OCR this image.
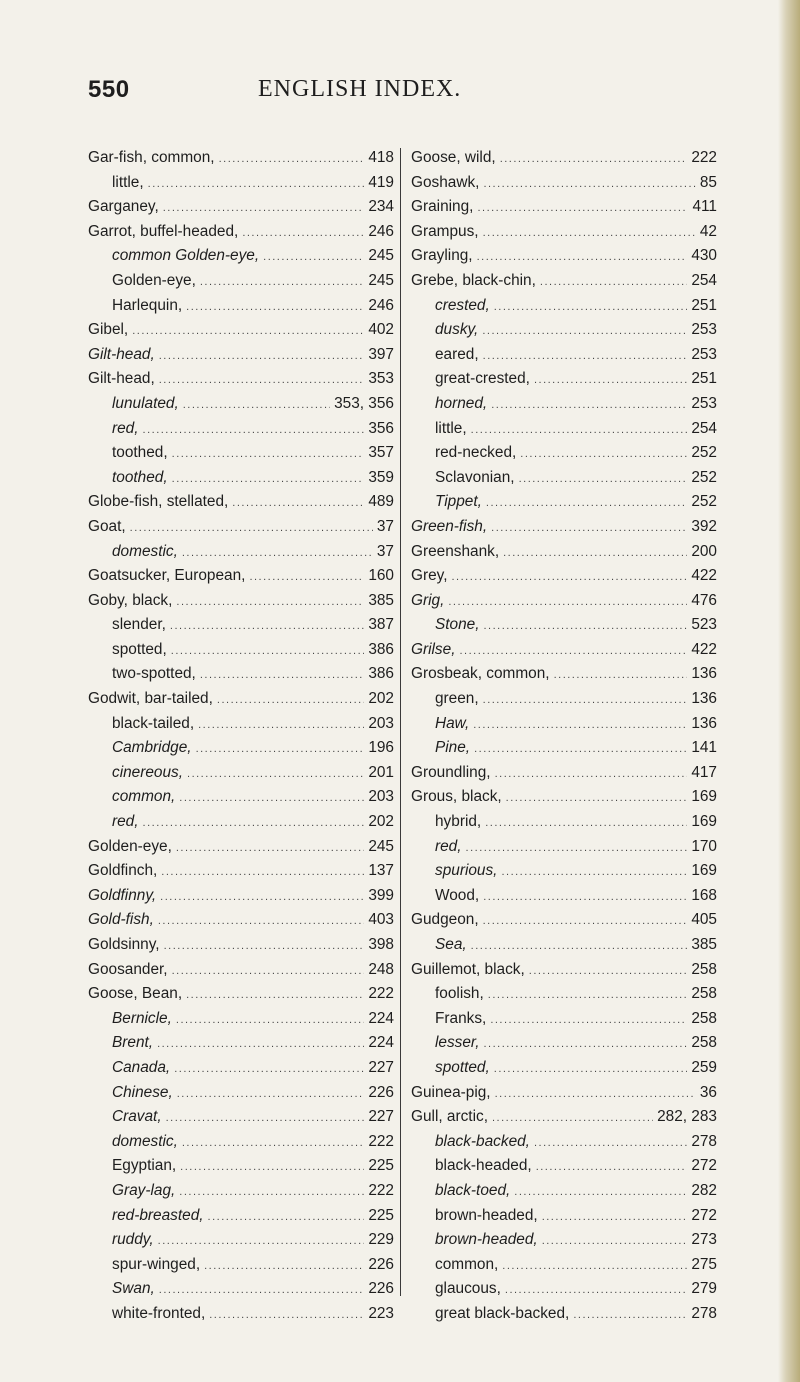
550	ENGLISH INDEX.
Gar-fish, common, .....	418
little, .....	419
Garganey, .....	234
Garrot, buffel-headed, .....	246
common Golden-eye, .....	245
Golden-eye, .....	245
Harlequin, .....	246
Gibel, .....	402
Gilt-head, .....	397
Gilt-head, .....	353
lunulated, .....	353, 356
red, .....	356
toothed, .....	357
toothed, .....	359
Globe-fish, stellated, .....	489
Goat, .....	37
domestic, .....	37
Goatsucker, European, .....	160
Goby, black, .....	385
slender, .....	387
spotted, .....	386
two-spotted, .....	386
Godwit, bar-tailed, .....	202
black-tailed, .....	203
Cambridge, .....	196
cinereous, .....	201
common, .....	203
red, .....	202
Golden-eye, .....	245
Goldfinch, .....	137
Goldfinny, .....	399
Gold-fish, .....	403
Goldsinny, .....	398
Goosander, .....	248
Goose, Bean, .....	222
Bernicle, .....	224
Brent, .....	224
Canada, .....	227
Chinese, .....	226
Cravat, .....	227
domestic, .....	222
Egyptian, .....	225
Gray-lag, .....	222
red-breasted, .....	225
ruddy, .....	229
spur-winged, .....	226
Swan, .....	226
white-fronted, .....	223
Goose, wild, .....	222
Goshawk, .....	85
Graining, .....	411
Grampus, .....	42
Grayling, .....	430
Grebe, black-chin, .....	254
crested, .....	251
dusky, .....	253
eared, .....	253
great-crested, .....	251
horned, .....	253
little, .....	254
red-necked, .....	252
Sclavonian, .....	252
Tippet, .....	252
Green-fish, .....	392
Greenshank, .....	200
Grey, .....	422
Grig, .....	476
Stone, .....	523
Grilse, .....	422
Grosbeak, common, .....	136
green, .....	136
Haw, .....	136
Pine, .....	141
Groundling, .....	417
Grous, black, .....	169
hybrid, .....	169
red, .....	170
spurious, .....	169
Wood, .....	168
Gudgeon, .....	405
Sea, .....	385
Guillemot, black, .....	258
foolish, .....	258
Franks, .....	258
lesser, .....	258
spotted, .....	259
Guinea-pig, .....	36
Gull, arctic, .....	282, 283
black-backed, .....	278
black-headed, .....	272
black-toed, .....	282
brown-headed, .....	272
brown-headed, .....	273
common, .....	275
glaucous, .....	279
great black-backed, .....	278
